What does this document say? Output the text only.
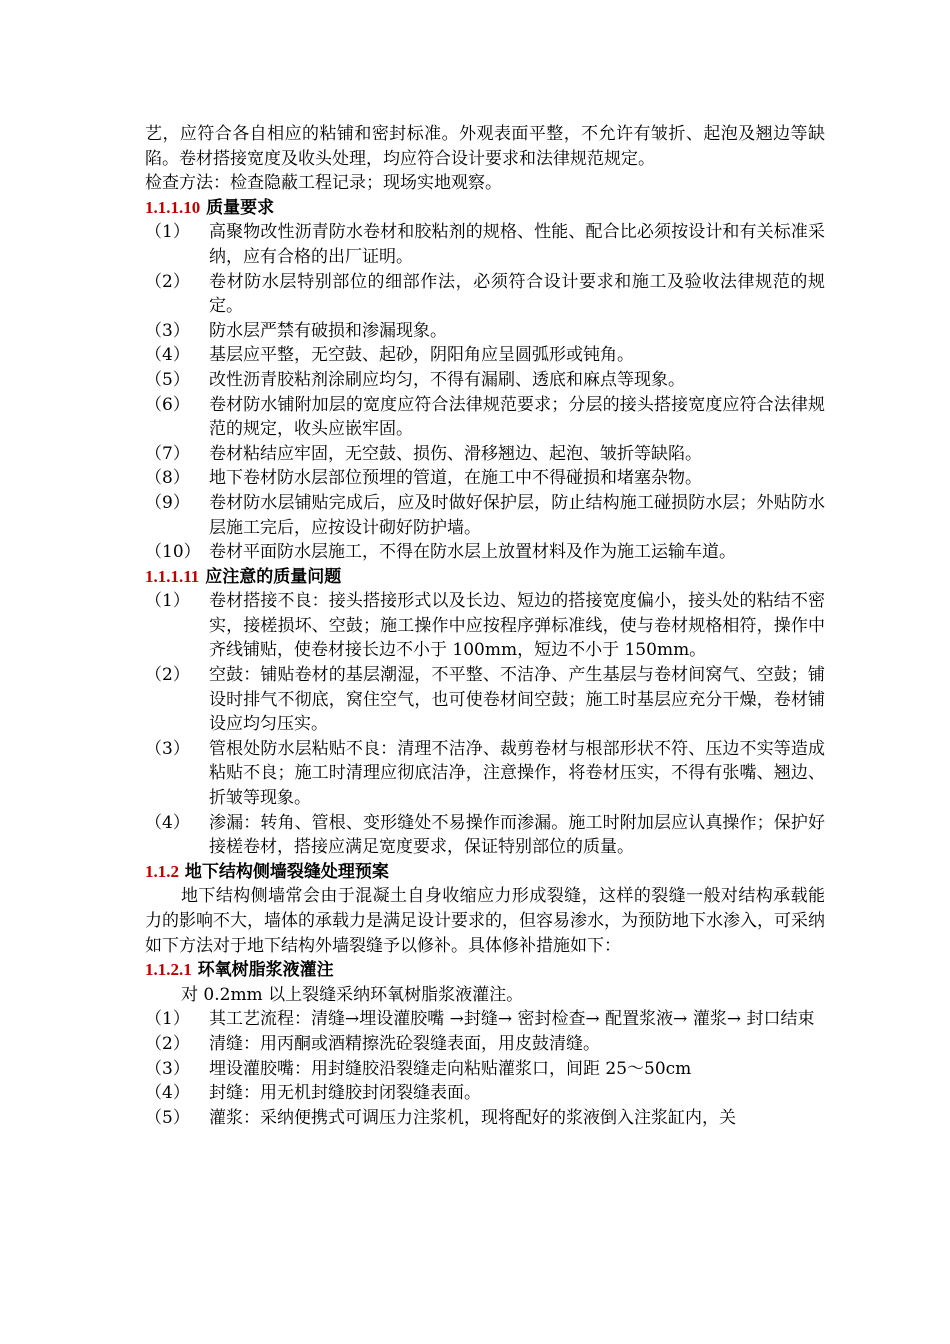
艺，应符合各自相应的粘铺和密封标准。外观表面平整，不允许有皱折、起泡及翘边等缺陷。卷材搭接宽度及收头处理，均应符合设计要求和法律规范规定。

检查方法：检查隐蔽工程记录；现场实地观察。

1.1.1.10 质量要求

（1）	高聚物改性沥青防水卷材和胶粘剂的规格、性能、配合比必须按设计和有关标准采纳，应有合格的出厂证明。
（2）	卷材防水层特别部位的细部作法，必须符合设计要求和施工及验收法律规范的规定。
（3）	防水层严禁有破损和渗漏现象。
（4）	基层应平整，无空鼓、起砂，阴阳角应呈圆弧形或钝角。
（5）	改性沥青胶粘剂涂刷应均匀，不得有漏刷、透底和麻点等现象。
（6）	卷材防水铺附加层的宽度应符合法律规范要求；分层的接头搭接宽度应符合法律规范的规定，收头应嵌牢固。
（7）	卷材粘结应牢固，无空鼓、损伤、滑移翘边、起泡、皱折等缺陷。
（8）	地下卷材防水层部位预埋的管道，在施工中不得碰损和堵塞杂物。
（9）	卷材防水层铺贴完成后，应及时做好保护层，防止结构施工碰损防水层；外贴防水层施工完后，应按设计砌好防护墙。
（10） 卷材平面防水层施工，不得在防水层上放置材料及作为施工运输车道。

1.1.1.11 应注意的质量问题

（1）	卷材搭接不良：接头搭接形式以及长边、短边的搭接宽度偏小，接头处的粘结不密实，接槎损坏、空鼓；施工操作中应按程序弹标准线，使与卷材规格相符，操作中齐线铺贴，使卷材接长边不小于 100mm，短边不小于 150mm。
（2）	空鼓：铺贴卷材的基层潮湿，不平整、不洁净、产生基层与卷材间窝气、空鼓；铺设时排气不彻底，窝住空气，也可使卷材间空鼓；施工时基层应充分干燥，卷材铺设应均匀压实。
（3）	管根处防水层粘贴不良：清理不洁净、裁剪卷材与根部形状不符、压边不实等造成粘贴不良；施工时清理应彻底洁净，注意操作，将卷材压实，不得有张嘴、翘边、折皱等现象。
（4）	渗漏：转角、管根、变形缝处不易操作而渗漏。施工时附加层应认真操作；保护好接槎卷材，搭接应满足宽度要求，保证特别部位的质量。

1.1.2 地下结构侧墙裂缝处理预案

地下结构侧墙常会由于混凝土自身收缩应力形成裂缝，这样的裂缝一般对结构承载能力的影响不大，墙体的承载力是满足设计要求的，但容易渗水，为预防地下水渗入，可采纳如下方法对于地下结构外墙裂缝予以修补。具体修补措施如下：

1.1.2.1 环氧树脂浆液灌注

对 0.2mm 以上裂缝采纳环氧树脂浆液灌注。

（1）	其工艺流程：清缝→埋设灌胶嘴 →封缝→ 密封检查→ 配置浆液→ 灌浆→ 封口结束
（2）	清缝：用丙酮或酒精擦洗砼裂缝表面，用皮鼓清缝。
（3）	埋设灌胶嘴：用封缝胶沿裂缝走向粘贴灌浆口，间距 25～50cm
（4）	封缝：用无机封缝胶封闭裂缝表面。
（5）	灌浆：采纳便携式可调压力注浆机，现将配好的浆液倒入注浆缸内，关
